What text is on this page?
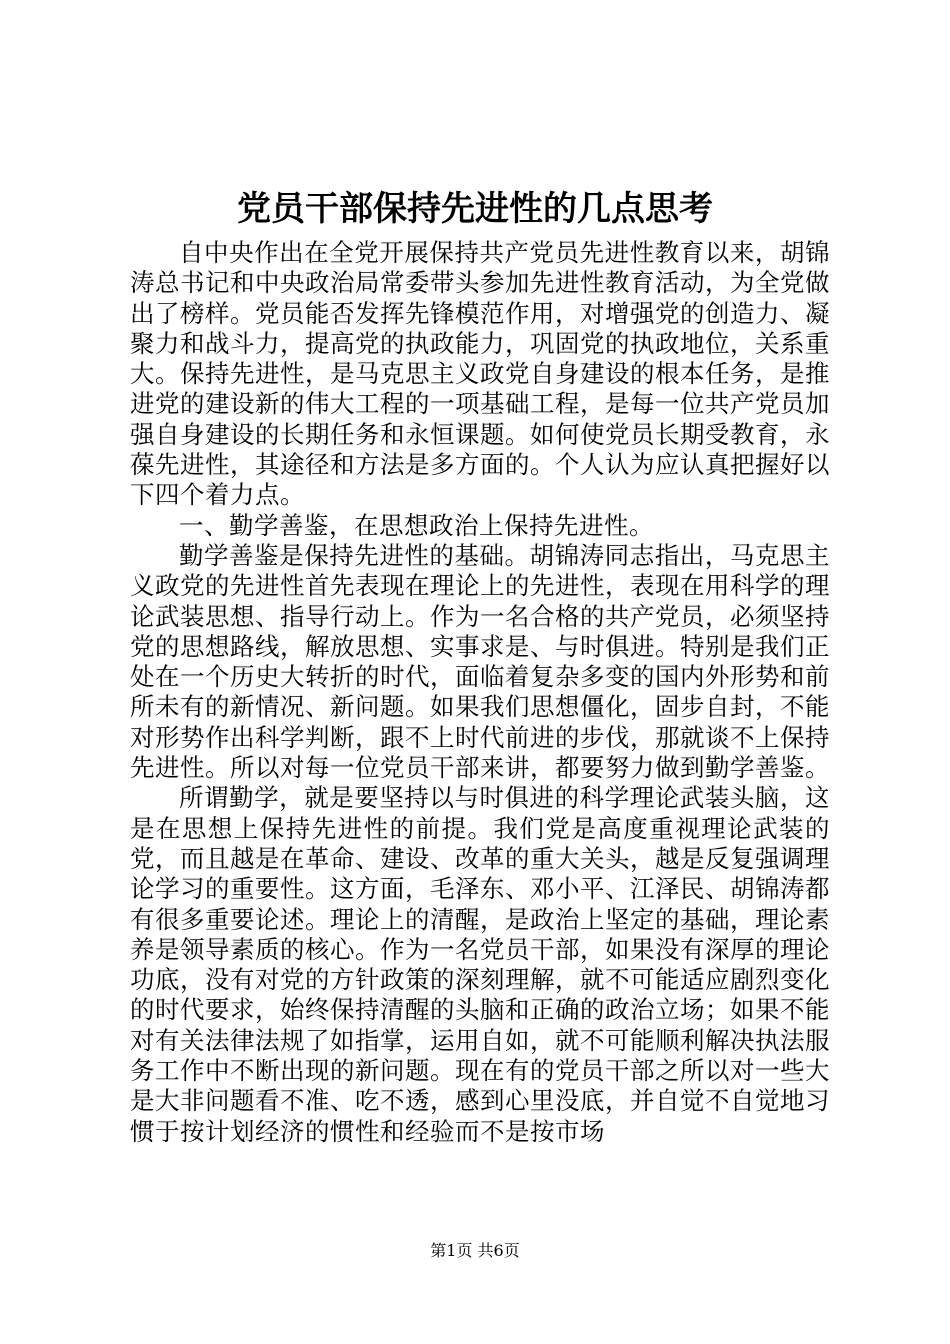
党员干部保持先进性的几点思考

自中央作出在全党开展保持共产党员先进性教育以来，胡锦涛总书记和中央政治局常委带头参加先进性教育活动，为全党做出了榜样。党员能否发挥先锋模范作用，对增强党的创造力、凝聚力和战斗力，提高党的执政能力，巩固党的执政地位，关系重大。保持先进性，是马克思主义政党自身建设的根本任务，是推进党的建设新的伟大工程的一项基础工程，是每一位共产党员加强自身建设的长期任务和永恒课题。如何使党员长期受教育，永葆先进性，其途径和方法是多方面的。个人认为应认真把握好以下四个着力点。

一、勤学善鉴，在思想政治上保持先进性。

勤学善鉴是保持先进性的基础。胡锦涛同志指出，马克思主义政党的先进性首先表现在理论上的先进性，表现在用科学的理论武装思想、指导行动上。作为一名合格的共产党员，必须坚持党的思想路线，解放思想、实事求是、与时俱进。特别是我们正处在一个历史大转折的时代，面临着复杂多变的国内外形势和前所未有的新情况、新问题。如果我们思想僵化，固步自封，不能对形势作出科学判断，跟不上时代前进的步伐，那就谈不上保持先进性。所以对每一位党员干部来讲，都要努力做到勤学善鉴。

所谓勤学，就是要坚持以与时俱进的科学理论武装头脑，这是在思想上保持先进性的前提。我们党是高度重视理论武装的党，而且越是在革命、建设、改革的重大关头，越是反复强调理论学习的重要性。这方面，毛泽东、邓小平、江泽民、胡锦涛都有很多重要论述。理论上的清醒，是政治上坚定的基础，理论素养是领导素质的核心。作为一名党员干部，如果没有深厚的理论功底，没有对党的方针政策的深刻理解，就不可能适应剧烈变化的时代要求，始终保持清醒的头脑和正确的政治立场；如果不能对有关法律法规了如指掌，运用自如，就不可能顺利解决执法服务工作中不断出现的新问题。现在有的党员干部之所以对一些大是大非问题看不准、吃不透，感到心里没底，并自觉不自觉地习惯于按计划经济的惯性和经验而不是按市场

第1页 共6页
